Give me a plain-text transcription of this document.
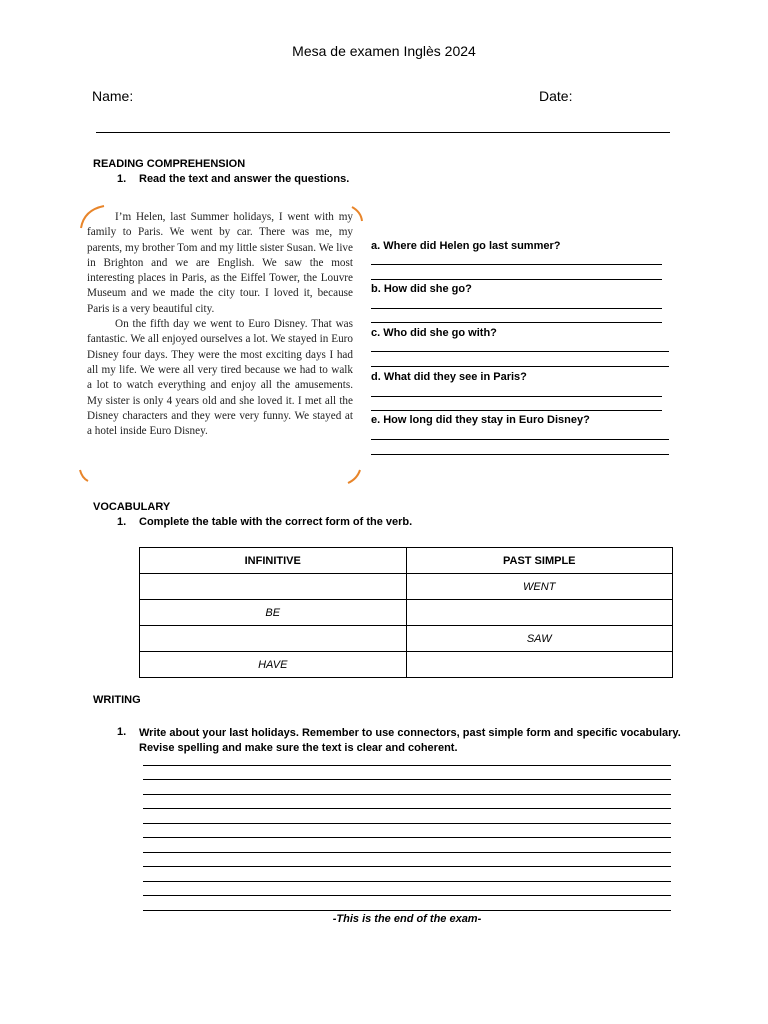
Mesa de examen Inglès 2024
Name:	Date:
READING COMPREHENSION
1. Read the text and answer the questions.

I’m Helen, last Summer holidays, I went with my family to Paris. We went by car. There was me, my parents, my brother Tom and my little sister Susan. We live in Brighton and we are English. We saw the most interesting places in Paris, as the Eiffel Tower, the Louvre Museum and we made the city tour. I loved it, because Paris is a very beautiful city.

On the fifth day we went to Euro Disney. That was fantastic. We all enjoyed ourselves a lot. We stayed in Euro Disney four days. They were the most exciting days I had all my life. We were all very tired because we had to walk a lot to watch everything and enjoy all the amusements. My sister is only 4 years old and she loved it. I met all the Disney characters and they were very funny. We stayed at a hotel inside Euro Disney.

a. Where did Helen go last summer?
b. How did she go?
c. Who did she go with?
d. What did they see in Paris?
e. How long did they stay in Euro Disney?
VOCABULARY
1. Complete the table with the correct form of the verb.
INFINITIVE	PAST SIMPLE
	WENT
BE	
	SAW
HAVE	
WRITING
1. Write about your last holidays. Remember to use connectors, past simple form and specific vocabulary. Revise spelling and make sure the text is clear and coherent.
-This is the end of the exam-
